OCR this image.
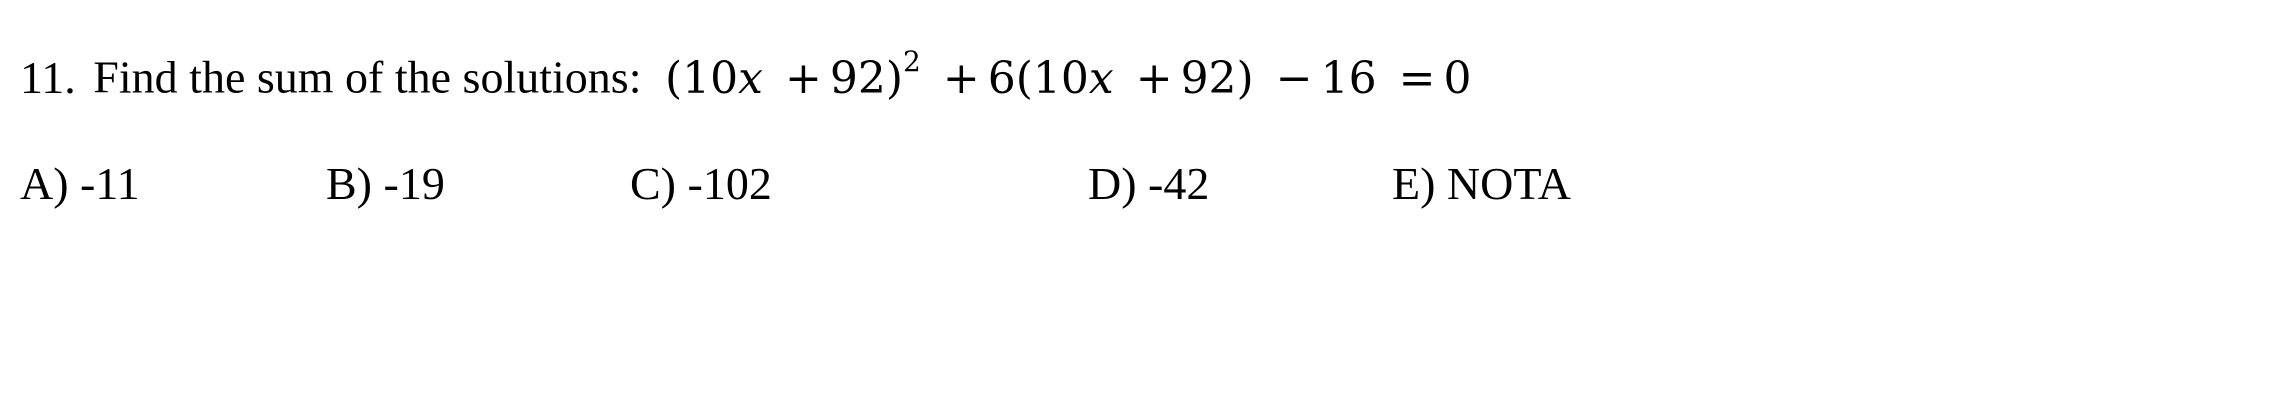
11. Find the sum of the solutions: $(10x + 92)^2 + 6(10x + 92) - 16 = 0$
A) -11	B) -19	C) -102	D) -42	E) NOTA
